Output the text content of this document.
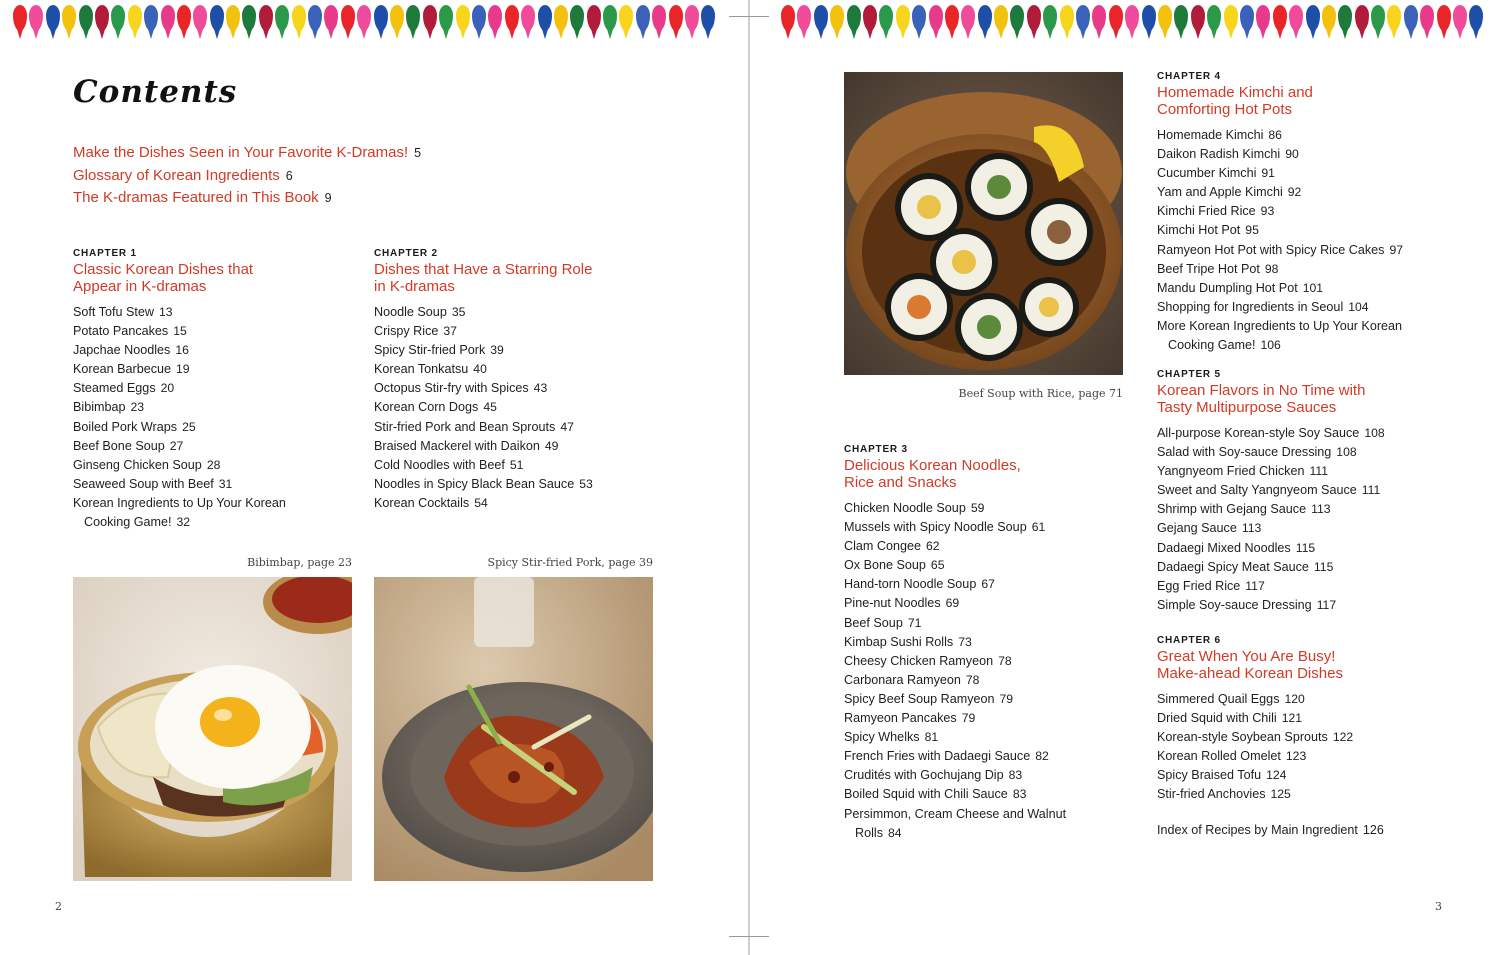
Contents
Make the Dishes Seen in Your Favorite K-Dramas! 5
Glossary of Korean Ingredients 6
The K-dramas Featured in This Book 9
CHAPTER 1
Classic Korean Dishes that
Appear in K-dramas
Soft Tofu Stew 13
Potato Pancakes 15
Japchae Noodles 16
Korean Barbecue 19
Steamed Eggs 20
Bibimbap 23
Boiled Pork Wraps 25
Beef Bone Soup 27
Ginseng Chicken Soup 28
Seaweed Soup with Beef 31
Korean Ingredients to Up Your Korean
Cooking Game! 32
CHAPTER 2
Dishes that Have a Starring Role
in K-dramas
Noodle Soup 35
Crispy Rice 37
Spicy Stir-fried Pork 39
Korean Tonkatsu 40
Octopus Stir-fry with Spices 43
Korean Corn Dogs 45
Stir-fried Pork and Bean Sprouts 47
Braised Mackerel with Daikon 49
Cold Noodles with Beef 51
Noodles in Spicy Black Bean Sauce 53
Korean Cocktails 54
CHAPTER 3
Delicious Korean Noodles,
Rice and Snacks
Chicken Noodle Soup 59
Mussels with Spicy Noodle Soup 61
Clam Congee 62
Ox Bone Soup 65
Hand-torn Noodle Soup 67
Pine-nut Noodles 69
Beef Soup 71
Kimbap Sushi Rolls 73
Cheesy Chicken Ramyeon 78
Carbonara Ramyeon 78
Spicy Beef Soup Ramyeon 79
Ramyeon Pancakes 79
Spicy Whelks 81
French Fries with Dadaegi Sauce 82
Crudités with Gochujang Dip 83
Boiled Squid with Chili Sauce 83
Persimmon, Cream Cheese and Walnut
Rolls 84
CHAPTER 4
Homemade Kimchi and
Comforting Hot Pots
Homemade Kimchi 86
Daikon Radish Kimchi 90
Cucumber Kimchi 91
Yam and Apple Kimchi 92
Kimchi Fried Rice 93
Kimchi Hot Pot 95
Ramyeon Hot Pot with Spicy Rice Cakes 97
Beef Tripe Hot Pot 98
Mandu Dumpling Hot Pot 101
Shopping for Ingredients in Seoul 104
More Korean Ingredients to Up Your Korean
Cooking Game! 106
CHAPTER 5
Korean Flavors in No Time with
Tasty Multipurpose Sauces
All-purpose Korean-style Soy Sauce 108
Salad with Soy-sauce Dressing 108
Yangnyeom Fried Chicken 111
Sweet and Salty Yangnyeom Sauce 111
Shrimp with Gejang Sauce 113
Gejang Sauce 113
Dadaegi Mixed Noodles 115
Dadaegi Spicy Meat Sauce 115
Egg Fried Rice 117
Simple Soy-sauce Dressing 117
CHAPTER 6
Great When You Are Busy!
Make-ahead Korean Dishes
Simmered Quail Eggs 120
Dried Squid with Chili 121
Korean-style Soybean Sprouts 122
Korean Rolled Omelet 123
Spicy Braised Tofu 124
Stir-fried Anchovies 125
Index of Recipes by Main Ingredient 126
Bibimbap, page 23	Spicy Stir-fried Pork, page 39
Beef Soup with Rice, page 71
2	3
